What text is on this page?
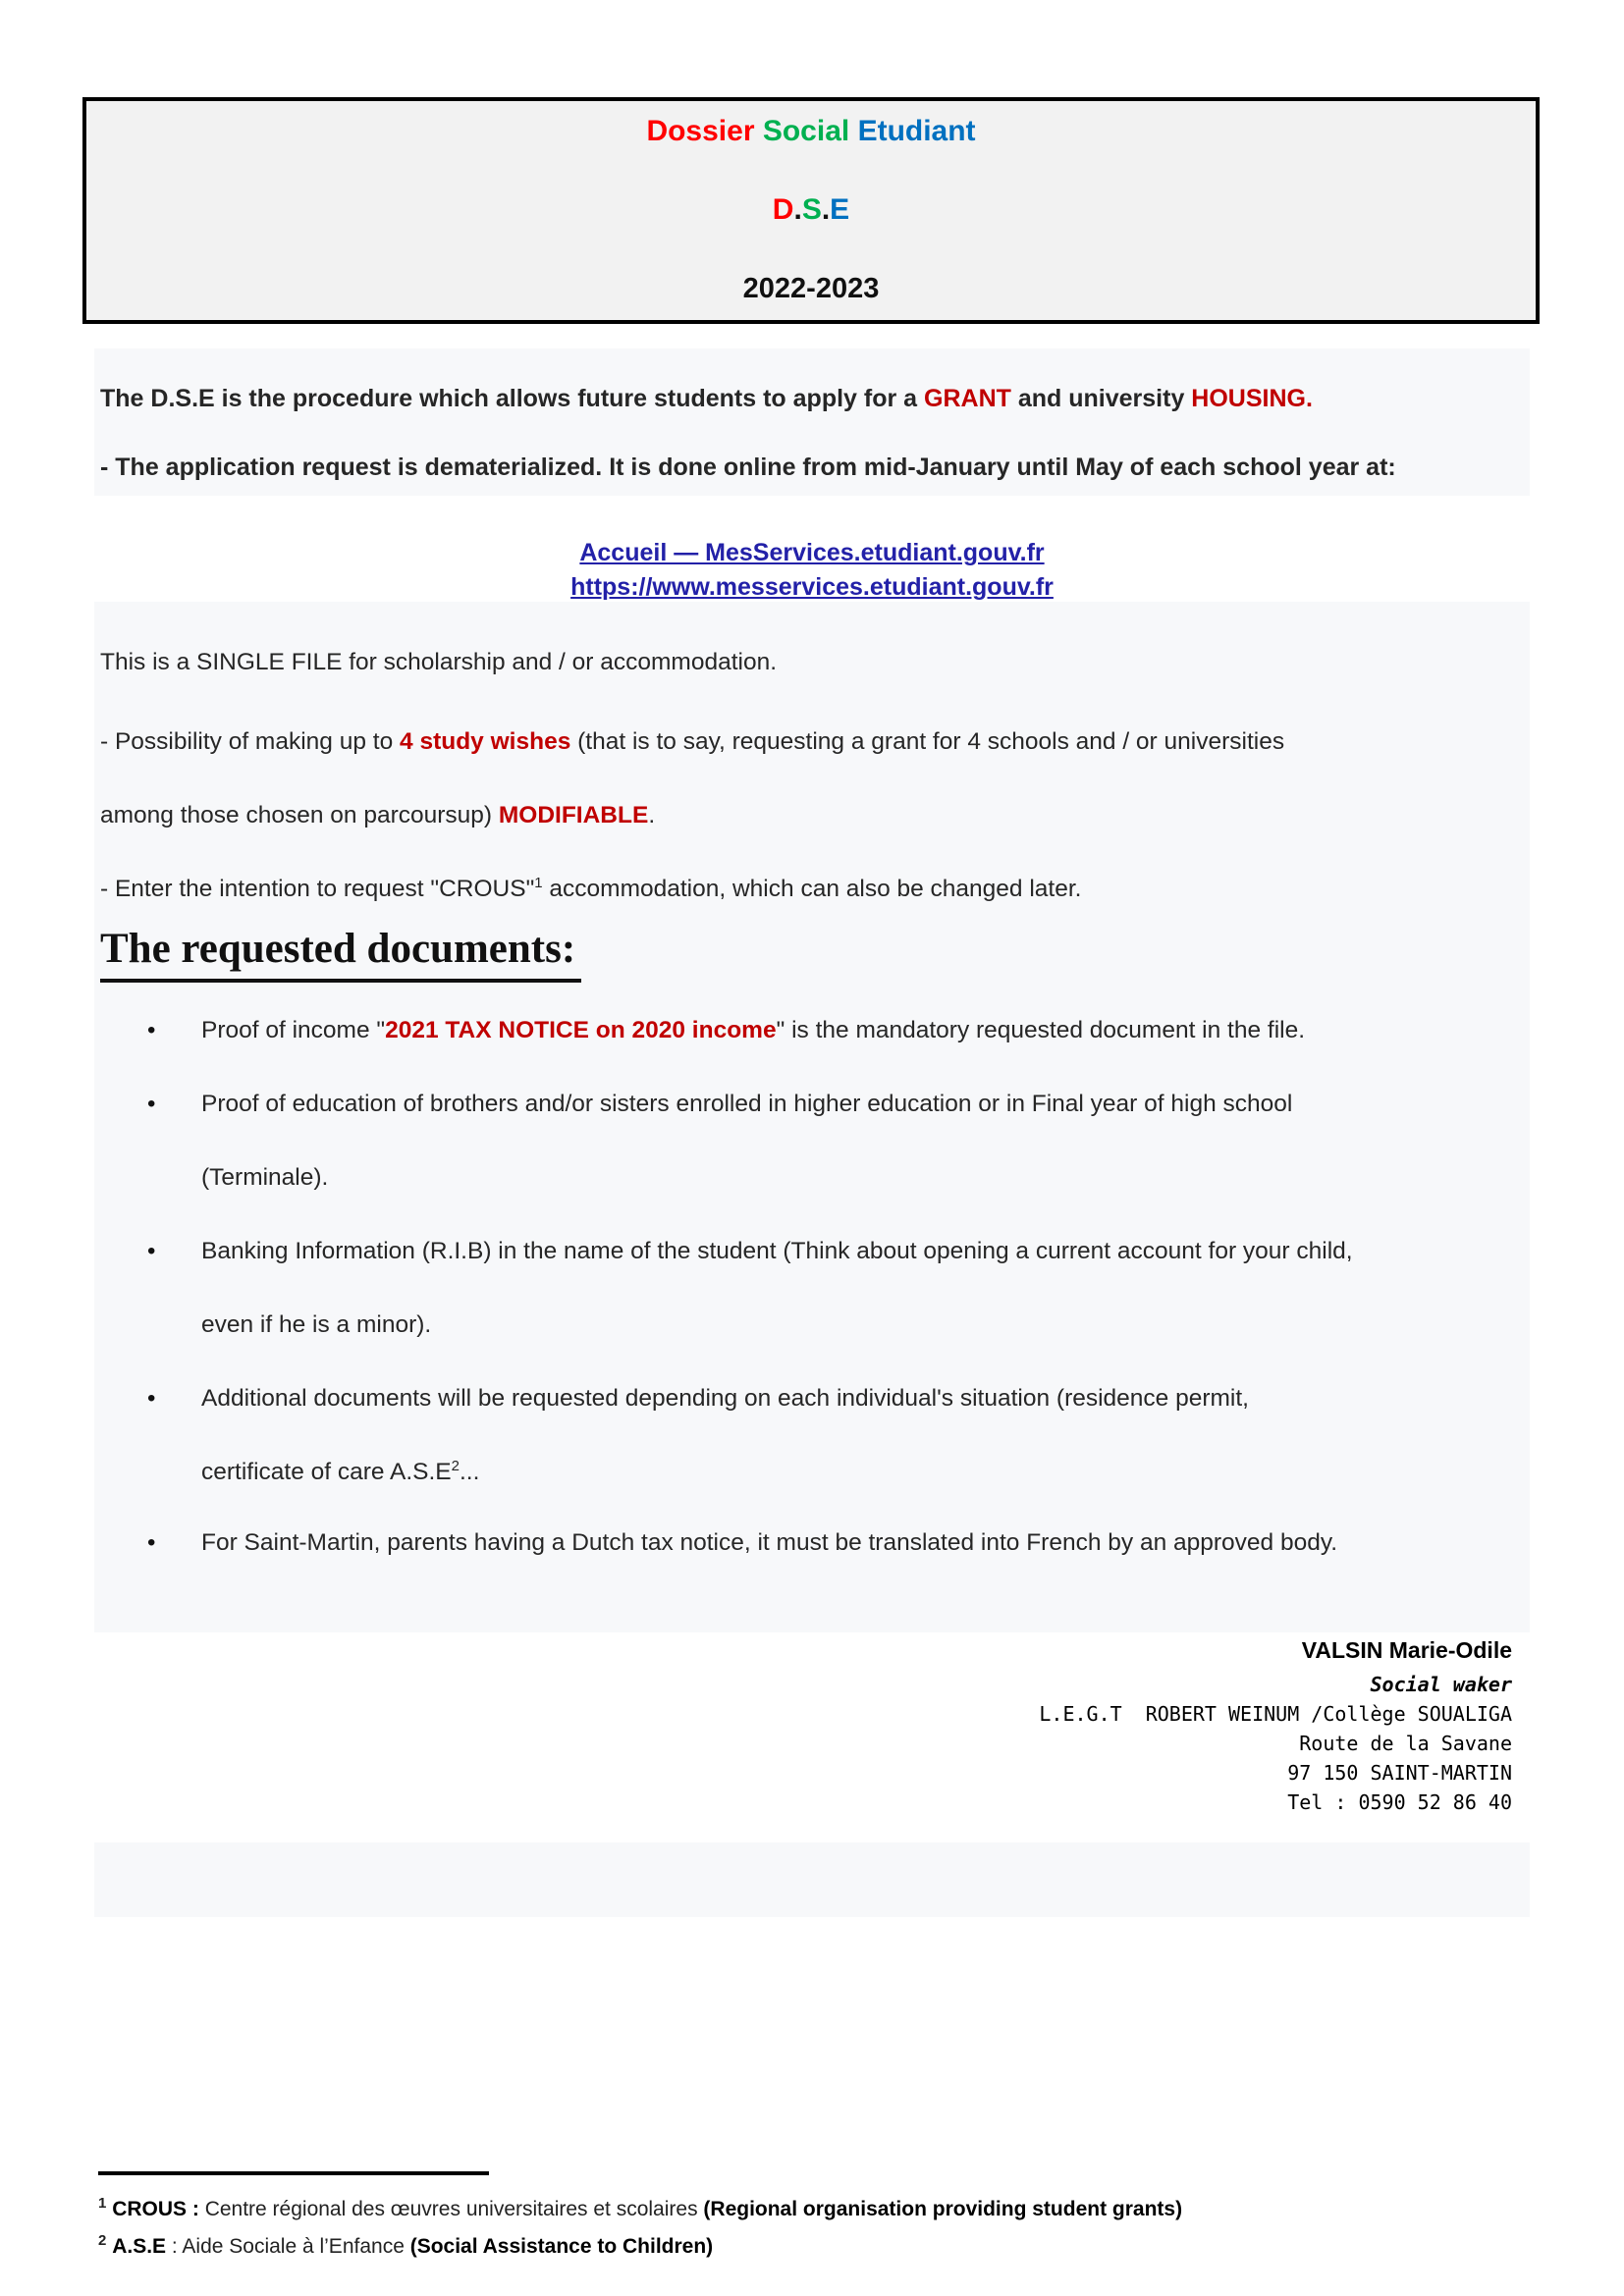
Dossier Social Etudiant
D.S.E
2022-2023
The D.S.E is the procedure which allows future students to apply for a GRANT and university HOUSING.
- The application request is dematerialized. It is done online from mid-January until May of each school year at:
Accueil — MesServices.etudiant.gouv.fr
https://www.messervices.etudiant.gouv.fr
This is a SINGLE FILE for scholarship and / or accommodation.
- Possibility of making up to 4 study wishes (that is to say, requesting a grant for 4 schools and / or universities
among those chosen on parcoursup) MODIFIABLE.
- Enter the intention to request "CROUS"$^1$ accommodation, which can also be changed later.
The requested documents:
• Proof of income "2021 TAX NOTICE on 2020 income" is the mandatory requested document in the file.
• Proof of education of brothers and/or sisters enrolled in higher education or in Final year of high school
(Terminale).
• Banking Information (R.I.B) in the name of the student (Think about opening a current account for your child,
even if he is a minor).
• Additional documents will be requested depending on each individual's situation (residence permit,
certificate of care $A.S.E^2$...
• For Saint-Martin, parents having a Dutch tax notice, it must be translated into French by an approved body.
VALSIN Marie-Odile
Social waker
L.E.G.T  ROBERT WEINUM /Collège SOUALIGA
Route de la Savane
97 150 SAINT-MARTIN
Tel : 0590 52 86 40
$^1$ CROUS : Centre régional des œuvres universitaires et scolaires (Regional organisation providing student grants)
$^2$ A.S.E : Aide Sociale à l’Enfance (Social Assistance to Children)
